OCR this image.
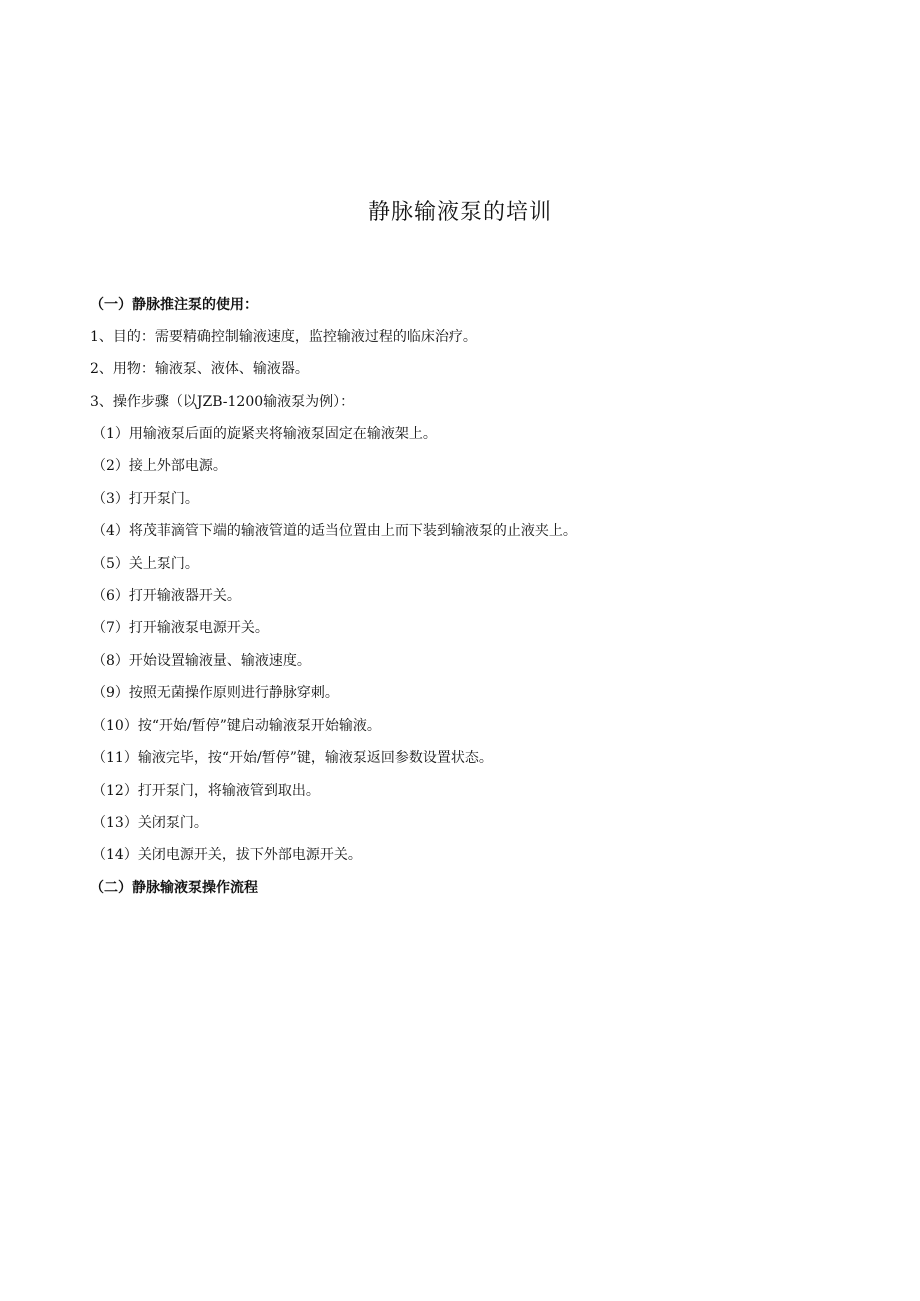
静脉输液泵的培训
（一）静脉推注泵的使用：
1、目的：需要精确控制输液速度，监控输液过程的临床治疗。
2、用物：输液泵、液体、输液器。
3、操作步骤（以JZB-1200输液泵为例）：
（1）用输液泵后面的旋紧夹将输液泵固定在输液架上。
（2）接上外部电源。
（3）打开泵门。
（4）将茂菲滴管下端的输液管道的适当位置由上而下装到输液泵的止液夹上。
（5）关上泵门。
（6）打开输液器开关。
（7）打开输液泵电源开关。
（8）开始设置输液量、输液速度。
（9）按照无菌操作原则进行静脉穿刺。
（10）按“开始/暂停”键启动输液泵开始输液。
（11）输液完毕，按“开始/暂停”键，输液泵返回参数设置状态。
（12）打开泵门，将输液管到取出。
（13）关闭泵门。
（14）关闭电源开关，拔下外部电源开关。
（二）静脉输液泵操作流程
